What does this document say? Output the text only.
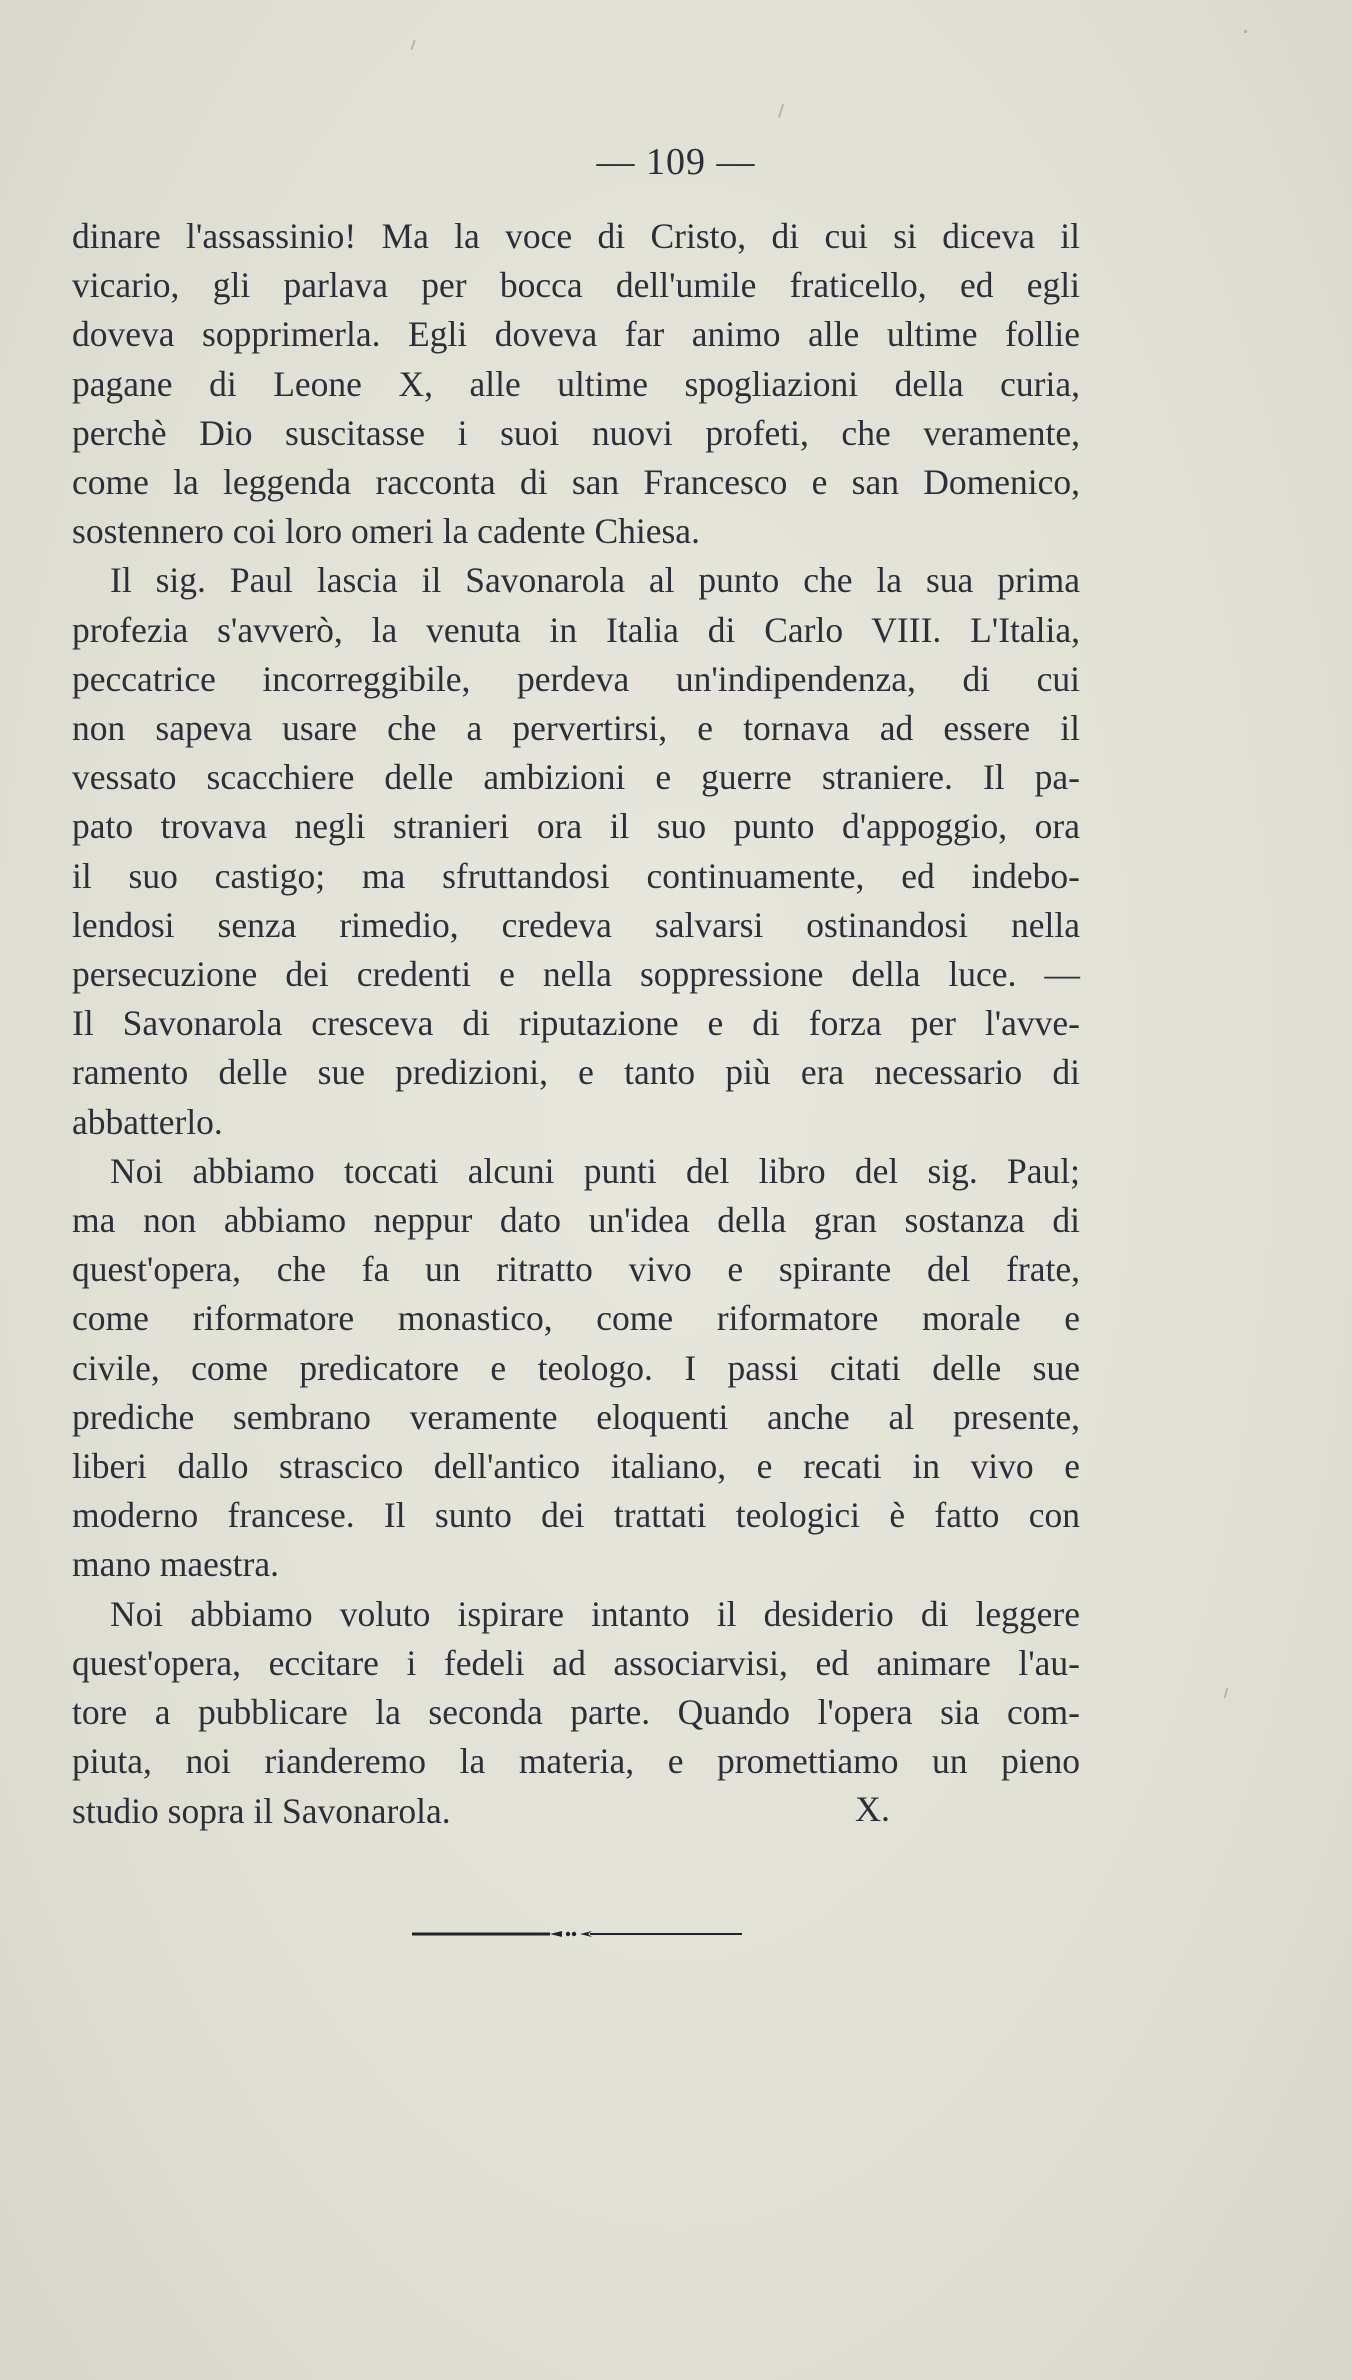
— 109 —

dinare l'assassinio! Ma la voce di Cristo, di cui si diceva il
vicario, gli parlava per bocca dell'umile fraticello, ed egli
doveva sopprimerla. Egli doveva far animo alle ultime follie
pagane di Leone X, alle ultime spogliazioni della curia,
perchè Dio suscitasse i suoi nuovi profeti, che veramente,
come la leggenda racconta di san Francesco e san Domenico,
sostennero coi loro omeri la cadente Chiesa.

Il sig. Paul lascia il Savonarola al punto che la sua prima
profezia s'avverò, la venuta in Italia di Carlo VIII. L'Italia,
peccatrice incorreggibile, perdeva un'indipendenza, di cui
non sapeva usare che a pervertirsi, e tornava ad essere il
vessato scacchiere delle ambizioni e guerre straniere. Il pa-
pato trovava negli stranieri ora il suo punto d'appoggio, ora
il suo castigo; ma sfruttandosi continuamente, ed indebo-
lendosi senza rimedio, credeva salvarsi ostinandosi nella
persecuzione dei credenti e nella soppressione della luce. —
Il Savonarola cresceva di riputazione e di forza per l'avve-
ramento delle sue predizioni, e tanto più era necessario di
abbatterlo.

Noi abbiamo toccati alcuni punti del libro del sig. Paul;
ma non abbiamo neppur dato un'idea della gran sostanza di
quest'opera, che fa un ritratto vivo e spirante del frate,
come riformatore monastico, come riformatore morale e
civile, come predicatore e teologo. I passi citati delle sue
prediche sembrano veramente eloquenti anche al presente,
liberi dallo strascico dell'antico italiano, e recati in vivo e
moderno francese. Il sunto dei trattati teologici è fatto con
mano maestra.

Noi abbiamo voluto ispirare intanto il desiderio di leggere
quest'opera, eccitare i fedeli ad associarvisi, ed animare l'au-
tore a pubblicare la seconda parte. Quando l'opera sia com-
piuta, noi rianderemo la materia, e promettiamo un pieno
studio sopra il Savonarola.	X.
